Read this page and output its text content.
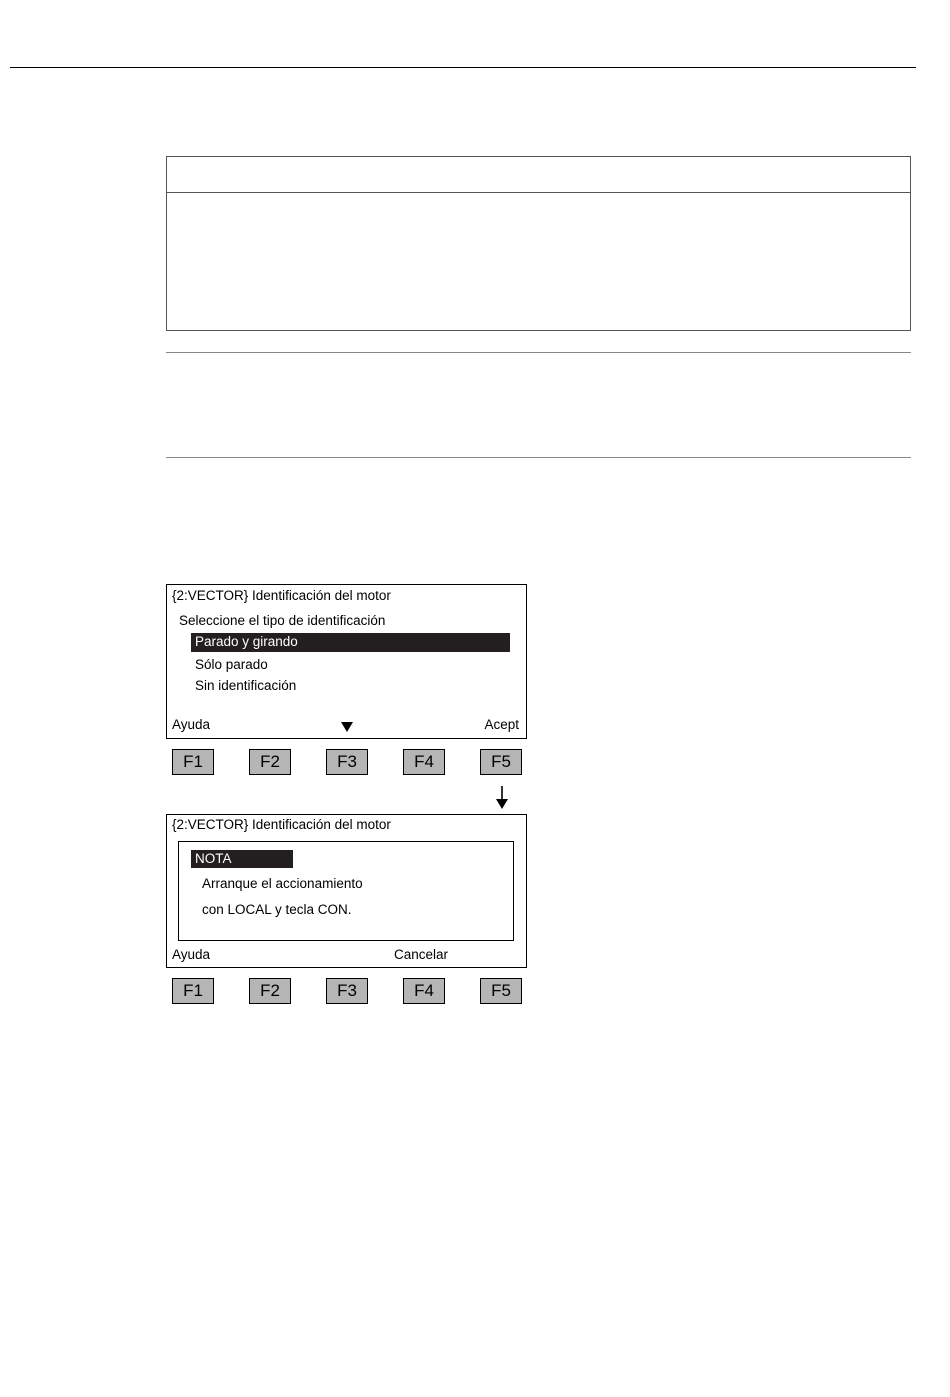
{2:VECTOR} Identificación del motor
Seleccione el tipo de identificación
Parado y girando
Sólo parado
Sin identificación
Ayuda	Acept
F1	F2	F3	F4	F5
{2:VECTOR} Identificación del motor
NOTA
Arranque el accionamiento
con LOCAL y tecla CON.
Ayuda	Cancelar
F1	F2	F3	F4	F5
